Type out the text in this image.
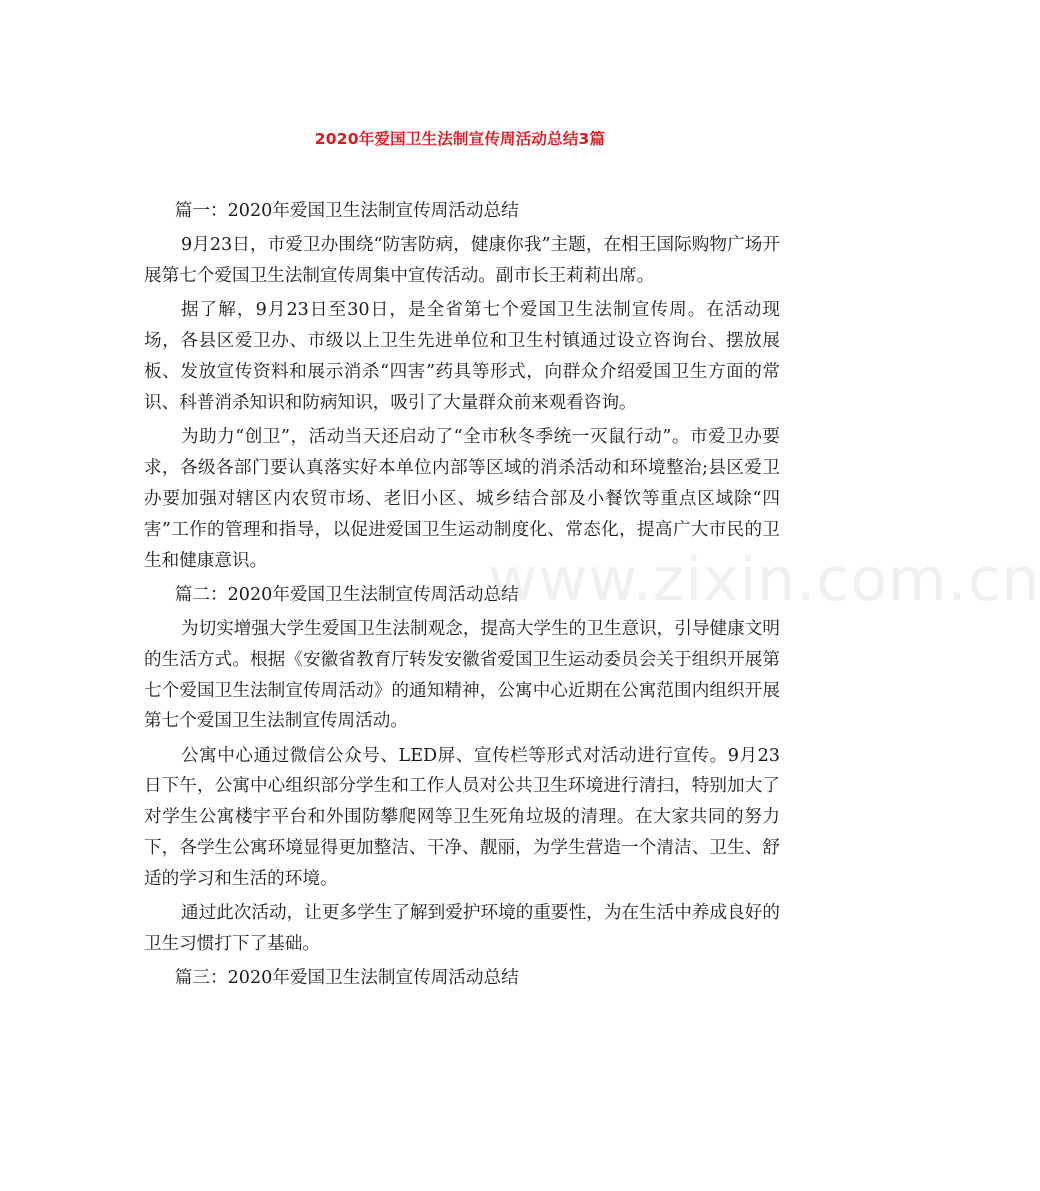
2020年爱国卫生法制宣传周活动总结3篇

篇一：2020年爱国卫生法制宣传周活动总结

9月23日，市爱卫办围绕“防害防病，健康你我”主题，在相王国际购物广场开展第七个爱国卫生法制宣传周集中宣传活动。副市长王莉莉出席。

据了解，9月23日至30日，是全省第七个爱国卫生法制宣传周。在活动现场，各县区爱卫办、市级以上卫生先进单位和卫生村镇通过设立咨询台、摆放展板、发放宣传资料和展示消杀“四害”药具等形式，向群众介绍爱国卫生方面的常识、科普消杀知识和防病知识，吸引了大量群众前来观看咨询。

为助力“创卫”，活动当天还启动了“全市秋冬季统一灭鼠行动”。市爱卫办要求，各级各部门要认真落实好本单位内部等区域的消杀活动和环境整治;县区爱卫办要加强对辖区内农贸市场、老旧小区、城乡结合部及小餐饮等重点区域除“四害”工作的管理和指导，以促进爱国卫生运动制度化、常态化，提高广大市民的卫生和健康意识。

篇二：2020年爱国卫生法制宣传周活动总结

为切实增强大学生爱国卫生法制观念，提高大学生的卫生意识，引导健康文明的生活方式。根据《安徽省教育厅转发安徽省爱国卫生运动委员会关于组织开展第七个爱国卫生法制宣传周活动》的通知精神，公寓中心近期在公寓范围内组织开展第七个爱国卫生法制宣传周活动。

公寓中心通过微信公众号、LED屏、宣传栏等形式对活动进行宣传。9月23日下午，公寓中心组织部分学生和工作人员对公共卫生环境进行清扫，特别加大了对学生公寓楼宇平台和外围防攀爬网等卫生死角垃圾的清理。在大家共同的努力下，各学生公寓环境显得更加整洁、干净、靓丽，为学生营造一个清洁、卫生、舒适的学习和生活的环境。

通过此次活动，让更多学生了解到爱护环境的重要性，为在生活中养成良好的卫生习惯打下了基础。

篇三：2020年爱国卫生法制宣传周活动总结

www.zixin.com.cn
